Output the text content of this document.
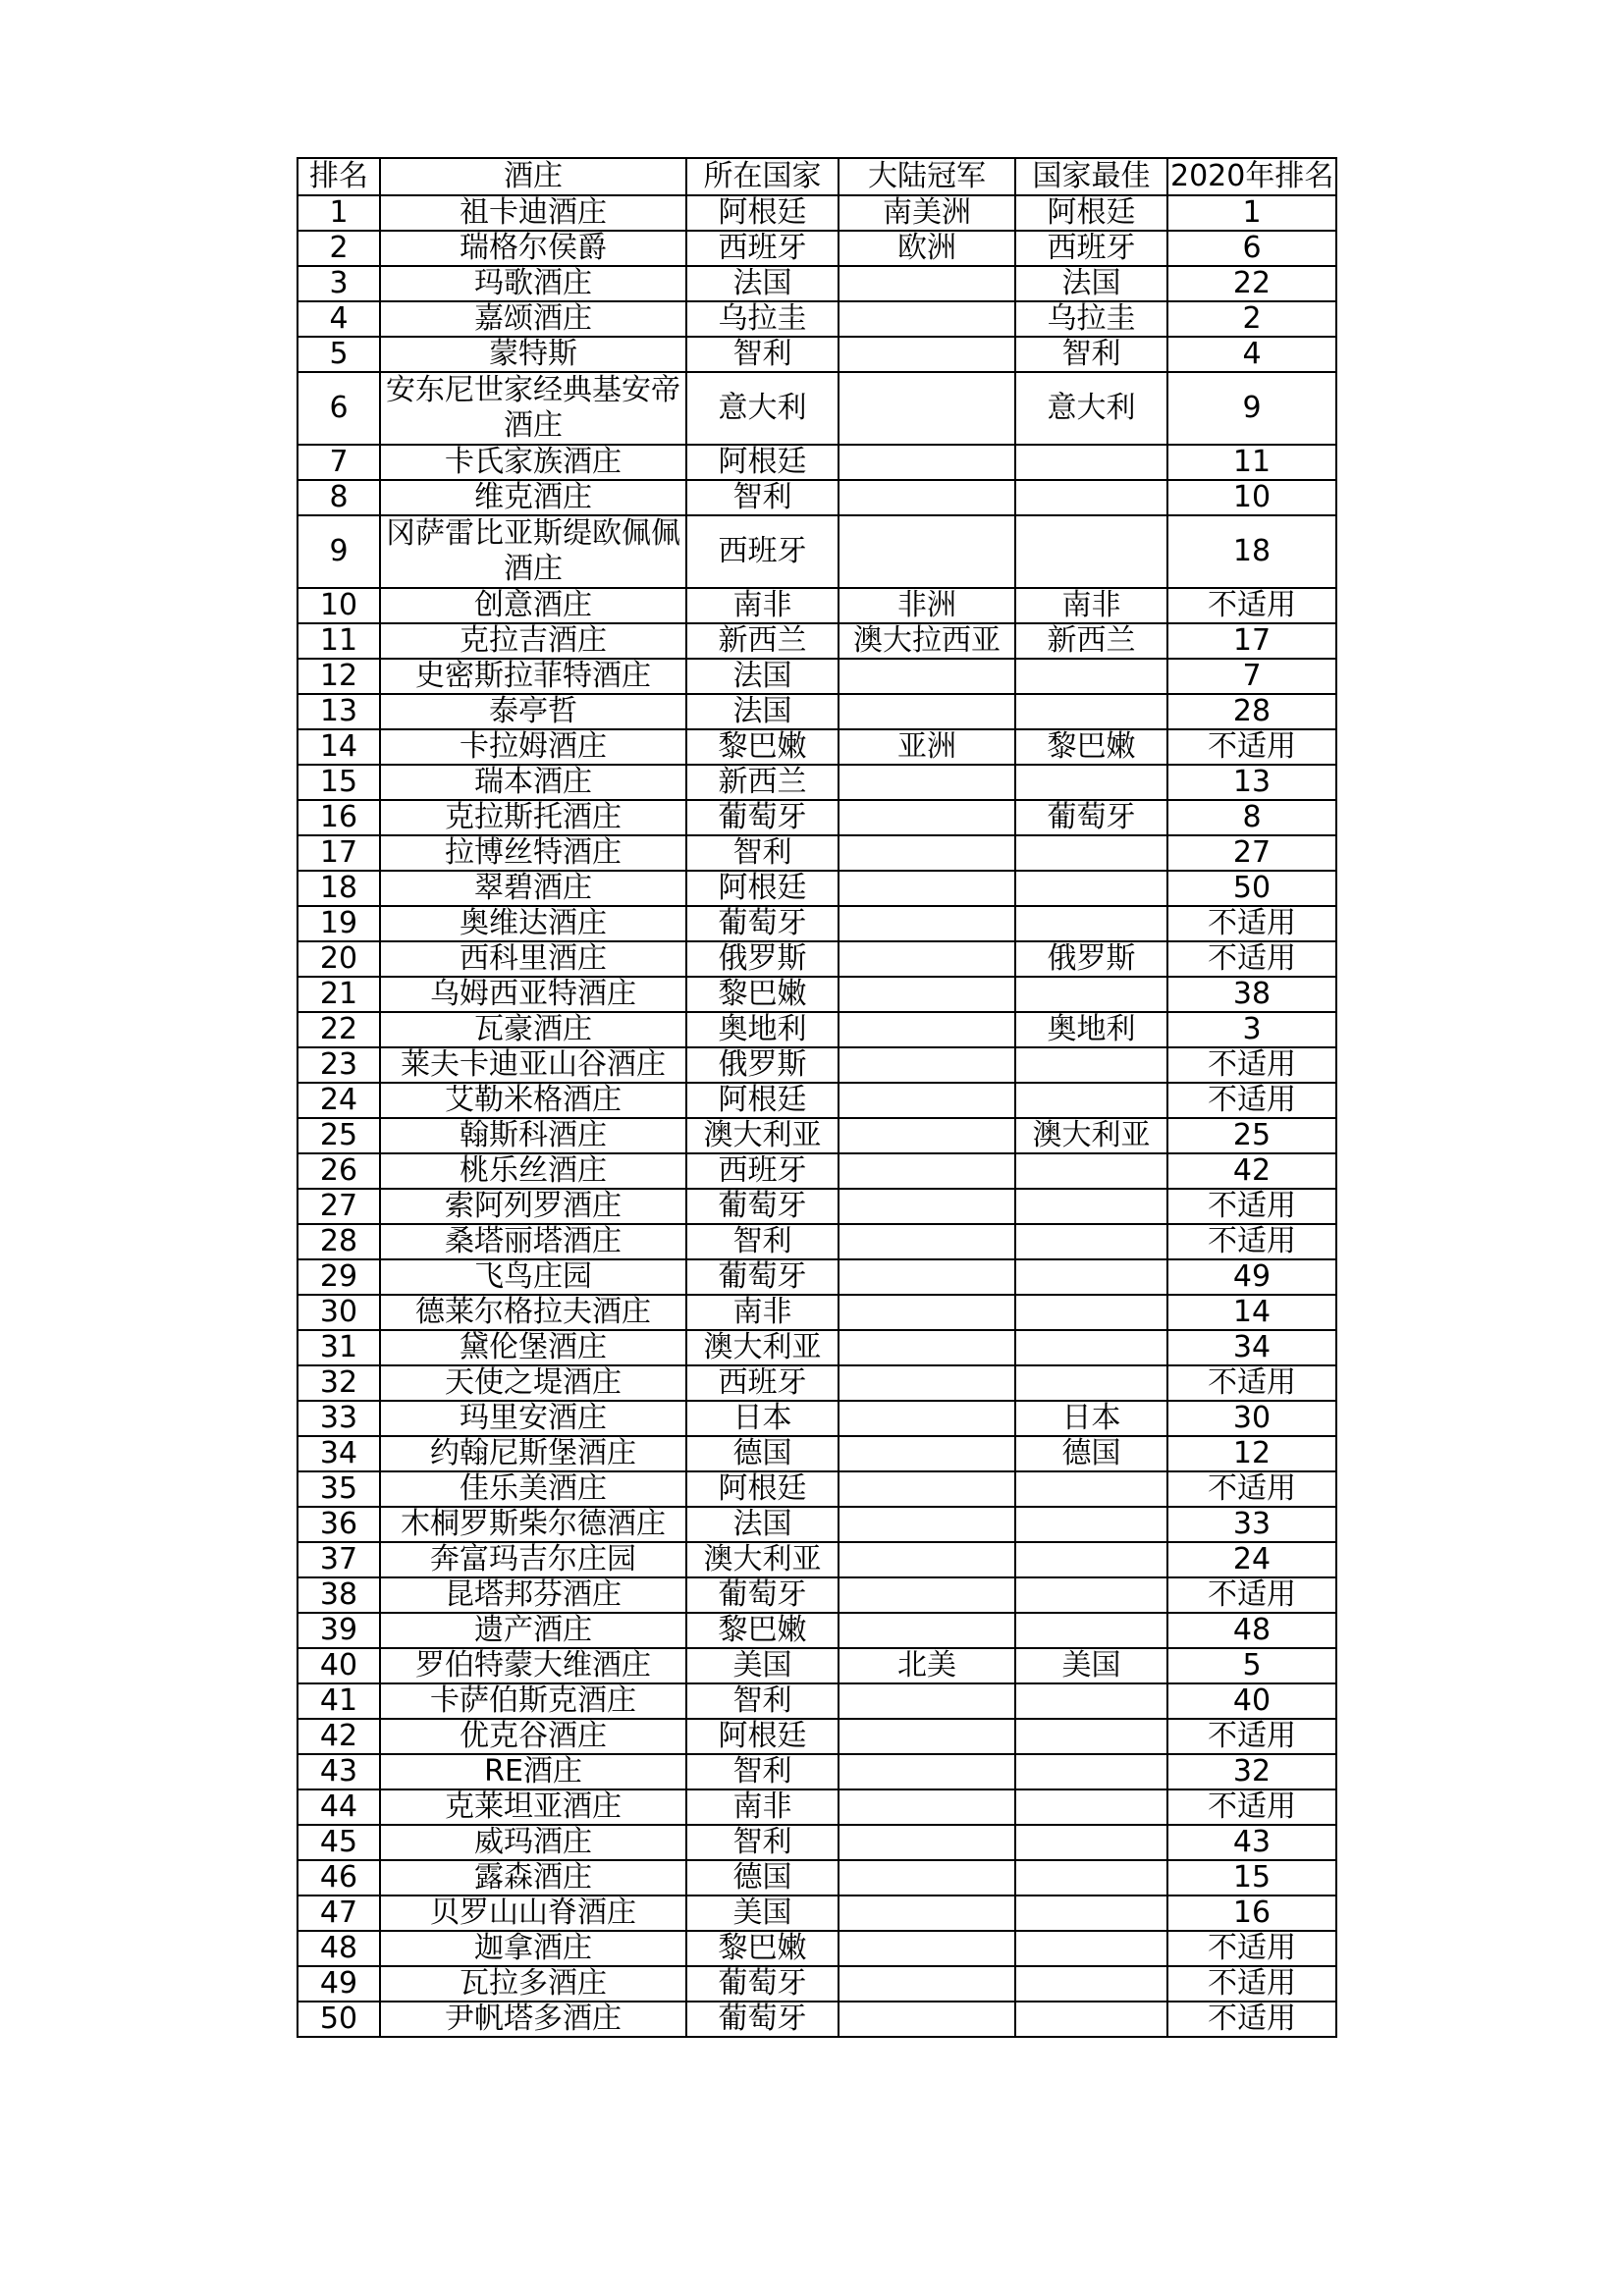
排名	酒庄	所在国家	大陆冠军	国家最佳	2020年排名
1	祖卡迪酒庄	阿根廷	南美洲	阿根廷	1
2	瑞格尔侯爵	西班牙	欧洲	西班牙	6
3	玛歌酒庄	法国		法国	22
4	嘉颂酒庄	乌拉圭		乌拉圭	2
5	蒙特斯	智利		智利	4
6	安东尼世家经典基安帝酒庄	意大利		意大利	9
7	卡氏家族酒庄	阿根廷			11
8	维克酒庄	智利			10
9	冈萨雷比亚斯缇欧佩佩酒庄	西班牙			18
10	创意酒庄	南非	非洲	南非	不适用
11	克拉吉酒庄	新西兰	澳大拉西亚	新西兰	17
12	史密斯拉菲特酒庄	法国			7
13	泰亭哲	法国			28
14	卡拉姆酒庄	黎巴嫩	亚洲	黎巴嫩	不适用
15	瑞本酒庄	新西兰			13
16	克拉斯托酒庄	葡萄牙		葡萄牙	8
17	拉博丝特酒庄	智利			27
18	翠碧酒庄	阿根廷			50
19	奥维达酒庄	葡萄牙			不适用
20	西科里酒庄	俄罗斯		俄罗斯	不适用
21	乌姆西亚特酒庄	黎巴嫩			38
22	瓦豪酒庄	奥地利		奥地利	3
23	莱夫卡迪亚山谷酒庄	俄罗斯			不适用
24	艾勒米格酒庄	阿根廷			不适用
25	翰斯科酒庄	澳大利亚		澳大利亚	25
26	桃乐丝酒庄	西班牙			42
27	索阿列罗酒庄	葡萄牙			不适用
28	桑塔丽塔酒庄	智利			不适用
29	飞鸟庄园	葡萄牙			49
30	德莱尔格拉夫酒庄	南非			14
31	黛伦堡酒庄	澳大利亚			34
32	天使之堤酒庄	西班牙			不适用
33	玛里安酒庄	日本		日本	30
34	约翰尼斯堡酒庄	德国		德国	12
35	佳乐美酒庄	阿根廷			不适用
36	木桐罗斯柴尔德酒庄	法国			33
37	奔富玛吉尔庄园	澳大利亚			24
38	昆塔邦芬酒庄	葡萄牙			不适用
39	遗产酒庄	黎巴嫩			48
40	罗伯特蒙大维酒庄	美国	北美	美国	5
41	卡萨伯斯克酒庄	智利			40
42	优克谷酒庄	阿根廷			不适用
43	RE酒庄	智利			32
44	克莱坦亚酒庄	南非			不适用
45	威玛酒庄	智利			43
46	露森酒庄	德国			15
47	贝罗山山脊酒庄	美国			16
48	迦拿酒庄	黎巴嫩			不适用
49	瓦拉多酒庄	葡萄牙			不适用
50	尹帆塔多酒庄	葡萄牙			不适用
